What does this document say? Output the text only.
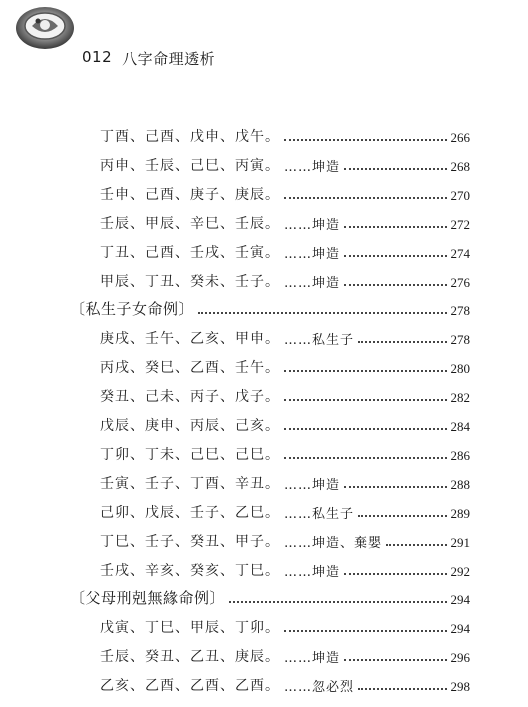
012 八字命理透析
丁酉、己酉、戊申、戊午。	266
丙申、壬辰、己巳、丙寅。 ……坤造	268
壬申、己酉、庚子、庚辰。	270
壬辰、甲辰、辛巳、壬辰。 ……坤造	272
丁丑、己酉、壬戌、壬寅。 ……坤造	274
甲辰、丁丑、癸未、壬子。 ……坤造	276
〔私生子女命例〕	278
庚戌、壬午、乙亥、甲申。 ……私生子	278
丙戌、癸巳、乙酉、壬午。	280
癸丑、己未、丙子、戊子。	282
戊辰、庚申、丙辰、己亥。	284
丁卯、丁未、己巳、己巳。	286
壬寅、壬子、丁酉、辛丑。 ……坤造	288
己卯、戊辰、壬子、乙巳。 ……私生子	289
丁巳、壬子、癸丑、甲子。 ……坤造、棄嬰	291
壬戌、辛亥、癸亥、丁巳。 ……坤造	292
〔父母刑剋無緣命例〕	294
戊寅、丁巳、甲辰、丁卯。	294
壬辰、癸丑、乙丑、庚辰。 ……坤造	296
乙亥、乙酉、乙酉、乙酉。 ……忽必烈	298
